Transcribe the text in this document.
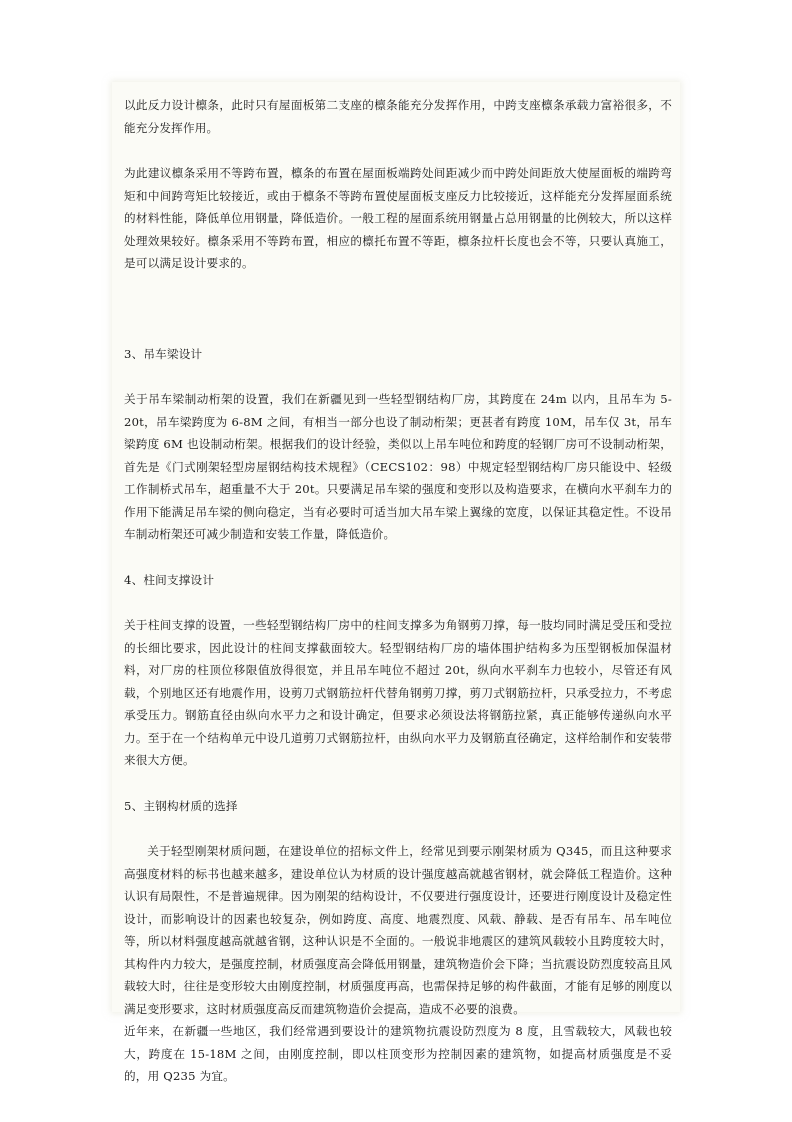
以此反力设计檩条，此时只有屋面板第二支座的檩条能充分发挥作用，中跨支座檩条承载力富裕很多，不能充分发挥作用。

为此建议檩条采用不等跨布置，檩条的布置在屋面板端跨处间距减少而中跨处间距放大使屋面板的端跨弯矩和中间跨弯矩比较接近，或由于檩条不等跨布置使屋面板支座反力比较接近，这样能充分发挥屋面系统的材料性能，降低单位用钢量，降低造价。一般工程的屋面系统用钢量占总用钢量的比例较大，所以这样处理效果较好。檩条采用不等跨布置，相应的檩托布置不等距，檩条拉杆长度也会不等，只要认真施工，是可以满足设计要求的。

3、吊车梁设计

关于吊车梁制动桁架的设置，我们在新疆见到一些轻型钢结构厂房，其跨度在 24m 以内，且吊车为 5-20t，吊车梁跨度为 6-8M 之间，有相当一部分也设了制动桁架；更甚者有跨度 10M，吊车仅 3t，吊车梁跨度 6M 也设制动桁架。根据我们的设计经验，类似以上吊车吨位和跨度的轻钢厂房可不设制动桁架，首先是《门式刚架轻型房屋钢结构技术规程》（CECS102：98）中规定轻型钢结构厂房只能设中、轻级工作制桥式吊车，超重量不大于 20t。只要满足吊车梁的强度和变形以及构造要求，在横向水平刹车力的作用下能满足吊车梁的侧向稳定，当有必要时可适当加大吊车梁上翼缘的宽度，以保证其稳定性。不设吊车制动桁架还可减少制造和安装工作量，降低造价。

4、柱间支撑设计

关于柱间支撑的设置，一些轻型钢结构厂房中的柱间支撑多为角钢剪刀撑，每一肢均同时满足受压和受拉的长细比要求，因此设计的柱间支撑截面较大。轻型钢结构厂房的墙体围护结构多为压型钢板加保温材料，对厂房的柱顶位移限值放得很宽，并且吊车吨位不超过 20t，纵向水平刹车力也较小，尽管还有风载，个别地区还有地震作用，设剪刀式钢筋拉杆代替角钢剪刀撑，剪刀式钢筋拉杆，只承受拉力，不考虑承受压力。钢筋直径由纵向水平力之和设计确定，但要求必须设法将钢筋拉紧，真正能够传递纵向水平力。至于在一个结构单元中设几道剪刀式钢筋拉杆，由纵向水平力及钢筋直径确定，这样给制作和安装带来很大方便。

5、主钢构材质的选择

关于轻型刚架材质问题，在建设单位的招标文件上，经常见到要示刚架材质为 Q345，而且这种要求高强度材料的标书也越来越多，建设单位认为材质的设计强度越高就越省钢材，就会降低工程造价。这种认识有局限性，不是普遍规律。因为刚架的结构设计，不仅要进行强度设计，还要进行刚度设计及稳定性设计，而影响设计的因素也较复杂，例如跨度、高度、地震烈度、风载、静载、是否有吊车、吊车吨位等，所以材料强度越高就越省钢，这种认识是不全面的。一般说非地震区的建筑风载较小且跨度较大时，其构件内力较大，是强度控制，材质强度高会降低用钢量，建筑物造价会下降；当抗震设防烈度较高且风载较大时，往往是变形较大由刚度控制，材质强度再高，也需保持足够的构件截面，才能有足够的刚度以满足变形要求，这时材质强度高反而建筑物造价会提高，造成不必要的浪费。

近年来，在新疆一些地区，我们经常遇到要设计的建筑物抗震设防烈度为 8 度，且雪载较大，风载也较大，跨度在 15-18M 之间，由刚度控制，即以柱顶变形为控制因素的建筑物，如提高材质强度是不妥的，用 Q235 为宜。
